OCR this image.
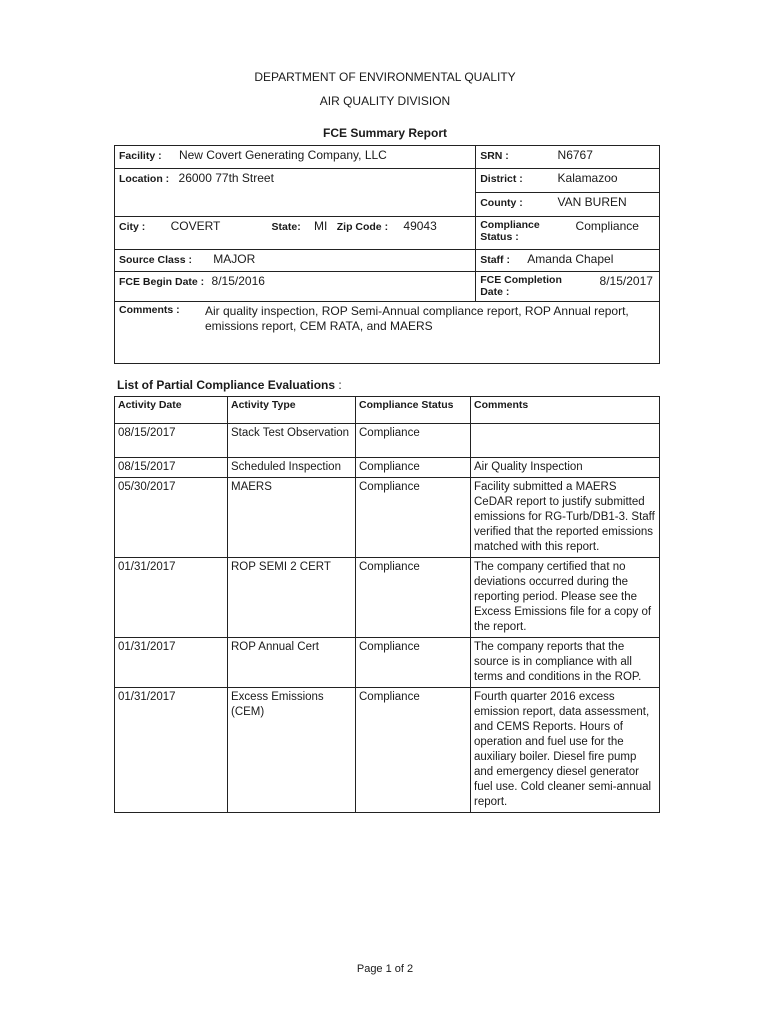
DEPARTMENT OF ENVIRONMENTAL QUALITY
AIR QUALITY DIVISION
FCE Summary Report
Facility : New Covert Generating Company, LLC	SRN : N6767
Location : 26000 77th Street	District : Kalamazoo
County : VAN BUREN

City : COVERT State: MI Zip Code : 49043	Compliance Status : Compliance
Source Class : MAJOR	Staff : Amanda Chapel
FCE Begin Date : 8/15/2016	FCE Completion Date : 8/15/2017

Comments : Air quality inspection, ROP Semi-Annual compliance report, ROP Annual report, emissions report, CEM RATA, and MAERS	
List of Partial Compliance Evaluations :
Activity Date	Activity Type	Compliance Status	Comments
08/15/2017	Stack Test Observation	Compliance	
08/15/2017	Scheduled Inspection	Compliance	Air Quality Inspection
05/30/2017	MAERS	Compliance	Facility submitted a MAERS CeDAR report to justify submitted emissions for RG-Turb/DB1-3. Staff verified that the reported emissions matched with this report.
01/31/2017	ROP SEMI 2 CERT	Compliance	The company certified that no deviations occurred during the reporting period. Please see the Excess Emissions file for a copy of the report.
01/31/2017	ROP Annual Cert	Compliance	The company reports that the source is in compliance with all terms and conditions in the ROP.
01/31/2017	Excess Emissions (CEM)	Compliance	Fourth quarter 2016 excess emission report, data assessment, and CEMS Reports. Hours of operation and fuel use for the auxiliary boiler. Diesel fire pump and emergency diesel generator fuel use. Cold cleaner semi-annual report.
Page 1 of 2
